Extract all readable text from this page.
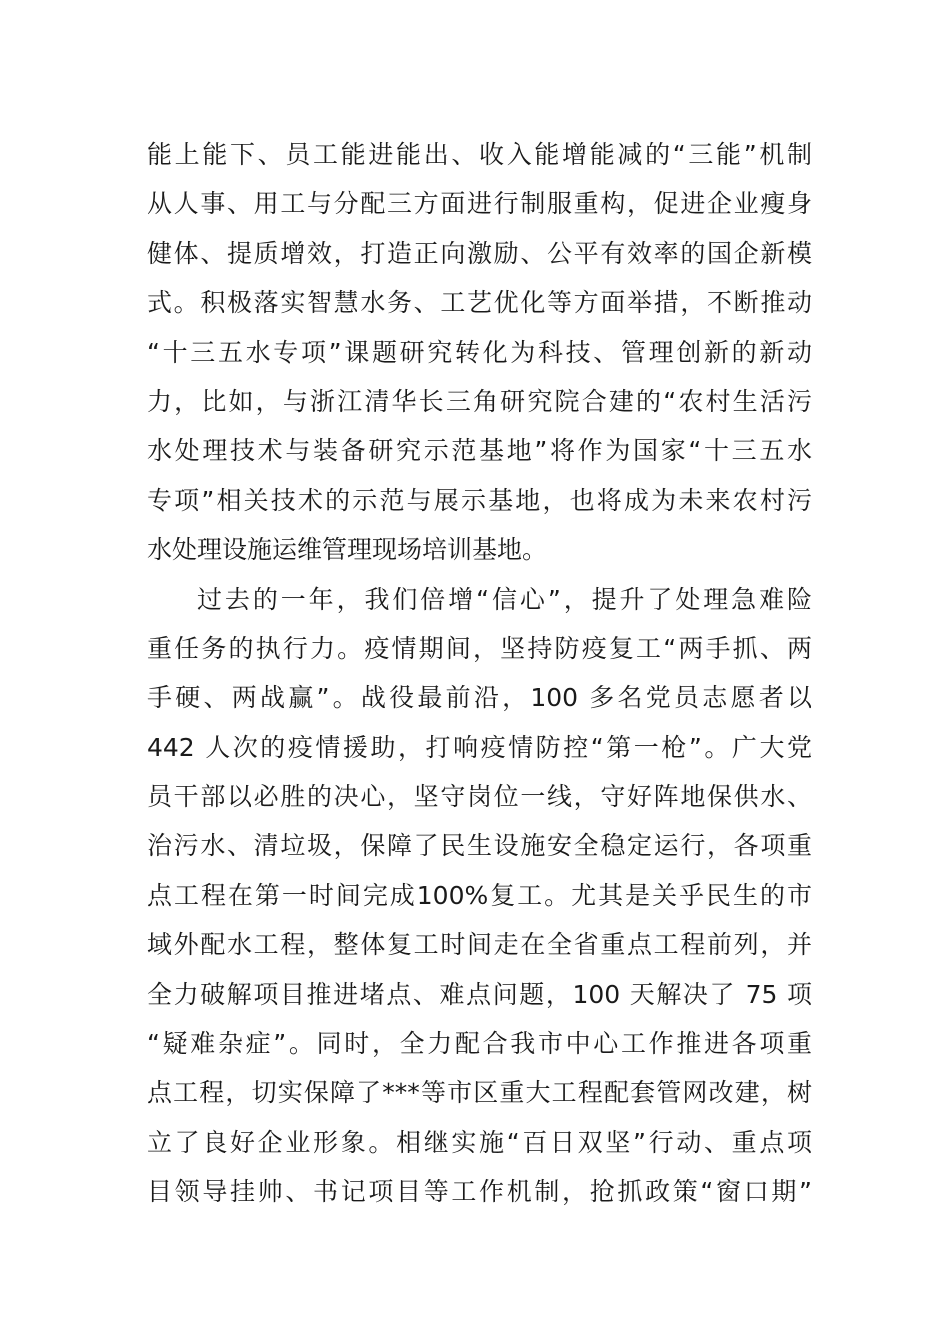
能上能下、员工能进能出、收入能增能减的“三能”机制
从人事、用工与分配三方面进行制服重构，促进企业瘦身
健体、提质增效，打造正向激励、公平有效率的国企新模
式。积极落实智慧水务、工艺优化等方面举措，不断推动
“十三五水专项”课题研究转化为科技、管理创新的新动
力，比如，与浙江清华长三角研究院合建的“农村生活污
水处理技术与装备研究示范基地”将作为国家“十三五水
专项”相关技术的示范与展示基地，也将成为未来农村污
水处理设施运维管理现场培训基地。
过去的一年，我们倍增“信心”，提升了处理急难险
重任务的执行力。疫情期间，坚持防疫复工“两手抓、两
手硬、两战赢”。战役最前沿，100 多名党员志愿者以
442 人次的疫情援助，打响疫情防控“第一枪”。广大党
员干部以必胜的决心，坚守岗位一线，守好阵地保供水、
治污水、清垃圾，保障了民生设施安全稳定运行，各项重
点工程在第一时间完成100%复工。尤其是关乎民生的市
域外配水工程，整体复工时间走在全省重点工程前列，并
全力破解项目推进堵点、难点问题，100 天解决了 75 项
“疑难杂症”。同时，全力配合我市中心工作推进各项重
点工程，切实保障了***等市区重大工程配套管网改建，树
立了良好企业形象。相继实施“百日双坚”行动、重点项
目领导挂帅、书记项目等工作机制，抢抓政策“窗口期”
